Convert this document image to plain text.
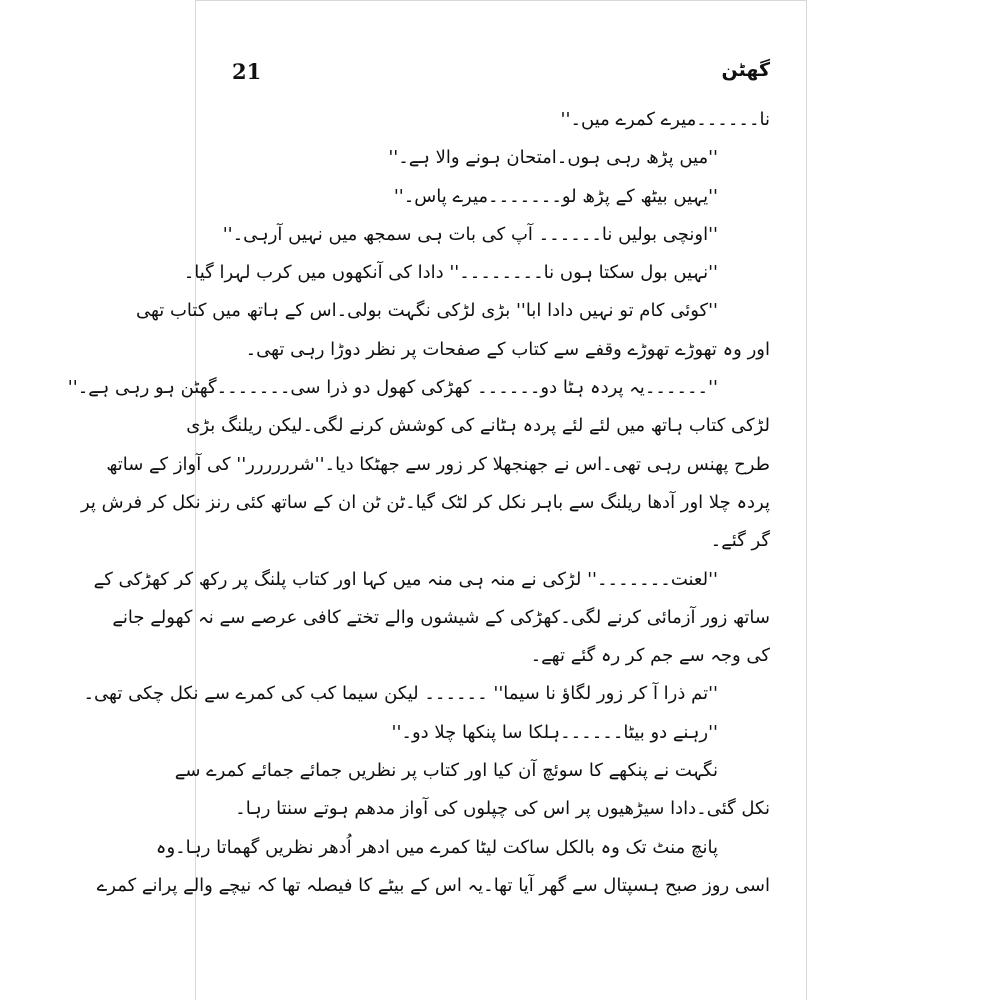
21	گھٹن
نا۔۔۔۔۔۔میرے کمرے میں۔''
''میں پڑھ رہی ہوں۔امتحان ہونے والا ہے۔''
''یہیں بیٹھ کے پڑھ لو۔۔۔۔۔۔۔میرے پاس۔''
''اونچی بولیں نا۔۔۔۔۔۔ آپ کی بات ہی سمجھ میں نہیں آرہی۔''
''نہیں بول سکتا ہوں نا۔۔۔۔۔۔۔۔'' دادا کی آنکھوں میں کرب لہرا گیا۔
''کوئی کام تو نہیں دادا ابا'' بڑی لڑکی نگہت بولی۔اس کے ہاتھ میں کتاب تھی
اور وہ تھوڑے تھوڑے وقفے سے کتاب کے صفحات پر نظر دوڑا رہی تھی۔
''۔۔۔۔۔۔یہ پردہ ہٹا دو۔۔۔۔۔۔ کھڑکی کھول دو ذرا سی۔۔۔۔۔۔۔گھٹن ہو رہی ہے۔''
لڑکی کتاب ہاتھ میں لئے لئے پردہ ہٹانے کی کوشش کرنے لگی۔لیکن ریلنگ بڑی
طرح پھنس رہی تھی۔اس نے جھنجھلا کر زور سے جھٹکا دیا۔''شرررررر'' کی آواز کے ساتھ
پردہ چلا اور آدھا ریلنگ سے باہر نکل کر لٹک گیا۔ٹن ٹن ان کے ساتھ کئی رنز نکل کر فرش پر
گر گئے۔
''لعنت۔۔۔۔۔۔۔'' لڑکی نے منہ ہی منہ میں کہا اور کتاب پلنگ پر رکھ کر کھڑکی کے
ساتھ زور آزمائی کرنے لگی۔کھڑکی کے شیشوں والے تختے کافی عرصے سے نہ کھولے جانے
کی وجہ سے جم کر رہ گئے تھے۔
''تم ذرا آ کر زور لگاؤ نا سیما'' ۔۔۔۔۔۔ لیکن سیما کب کی کمرے سے نکل چکی تھی۔
''رہنے دو بیٹا۔۔۔۔۔۔ہلکا سا پنکھا چلا دو۔''
نگہت نے پنکھے کا سوئچ آن کیا اور کتاب پر نظریں جمائے جمائے کمرے سے
نکل گئی۔دادا سیڑھیوں پر اس کی چپلوں کی آواز مدھم ہوتے سنتا رہا۔
پانچ منٹ تک وہ بالکل ساکت لیٹا کمرے میں ادھر اُدھر نظریں گھماتا رہا۔وہ
اسی روز صبح ہسپتال سے گھر آیا تھا۔یہ اس کے بیٹے کا فیصلہ تھا کہ نیچے والے پرانے کمرے
